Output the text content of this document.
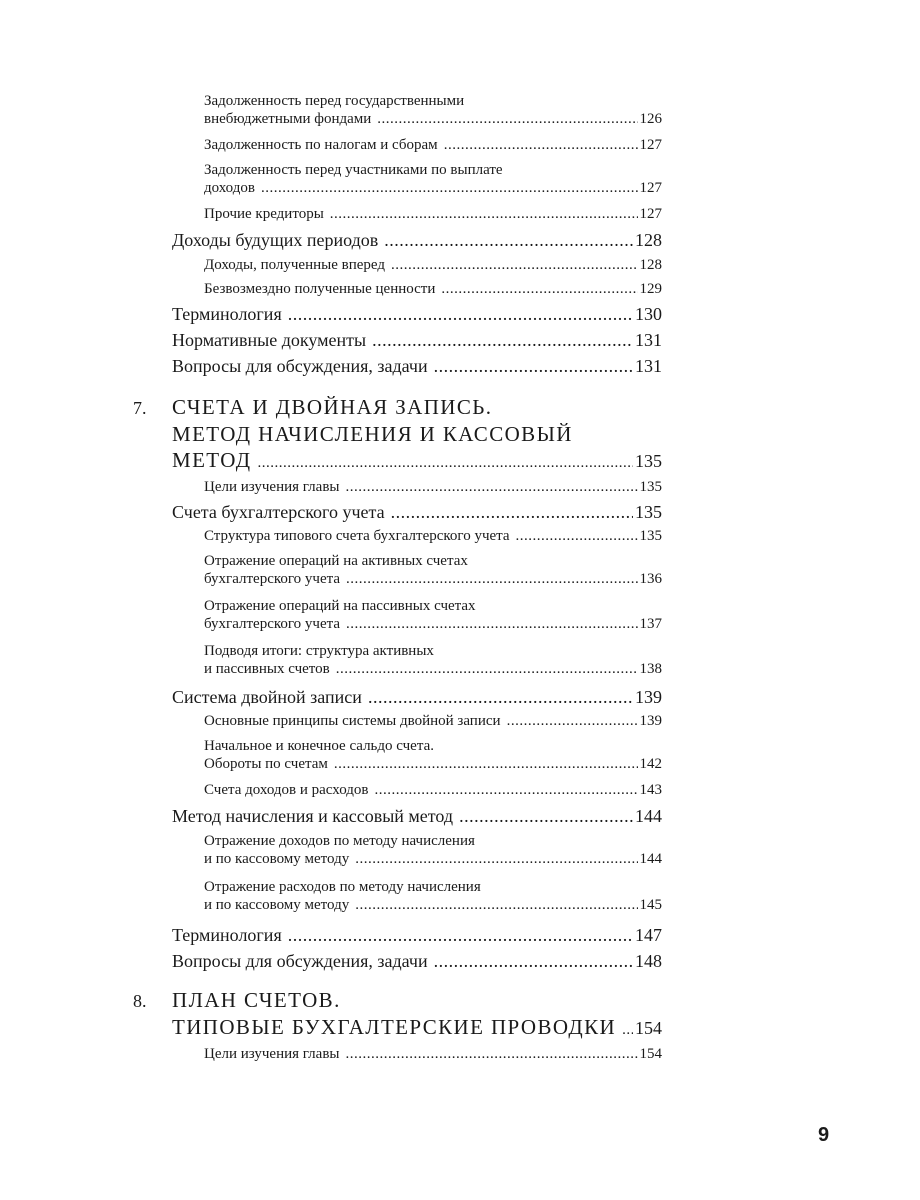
Задолженность перед государственными
внебюджетными фондами .....	126
Задолженность по налогам и сборам .....	127
Задолженность перед участниками по выплате
доходов .....	127
Прочие кредиторы .....	127
Доходы будущих периодов .....	128
Доходы, полученные вперед .....	128
Безвозмездно полученные ценности .....	129
Терминология .....	130
Нормативные документы .....	131
Вопросы для обсуждения, задачи .....	131
7. СЧЕТА И ДВОЙНАЯ ЗАПИСЬ.
МЕТОД НАЧИСЛЕНИЯ И КАССОВЫЙ
МЕТОД .....	135
Цели изучения главы .....	135
Счета бухгалтерского учета .....	135
Структура типового счета бухгалтерского учета .....	135
Отражение операций на активных счетах
бухгалтерского учета .....	136
Отражение операций на пассивных счетах
бухгалтерского учета .....	137
Подводя итоги: структура активных
и пассивных счетов .....	138
Система двойной записи .....	139
Основные принципы системы двойной записи .....	139
Начальное и конечное сальдо счета.
Обороты по счетам .....	142
Счета доходов и расходов .....	143
Метод начисления и кассовый метод .....	144
Отражение доходов по методу начисления
и по кассовому методу .....	144
Отражение расходов по методу начисления
и по кассовому методу .....	145
Терминология .....	147
Вопросы для обсуждения, задачи .....	148
8. ПЛАН СЧЕТОВ.
ТИПОВЫЕ БУХГАЛТЕРСКИЕ ПРОВОДКИ ..... 154
Цели изучения главы .....	154
9
